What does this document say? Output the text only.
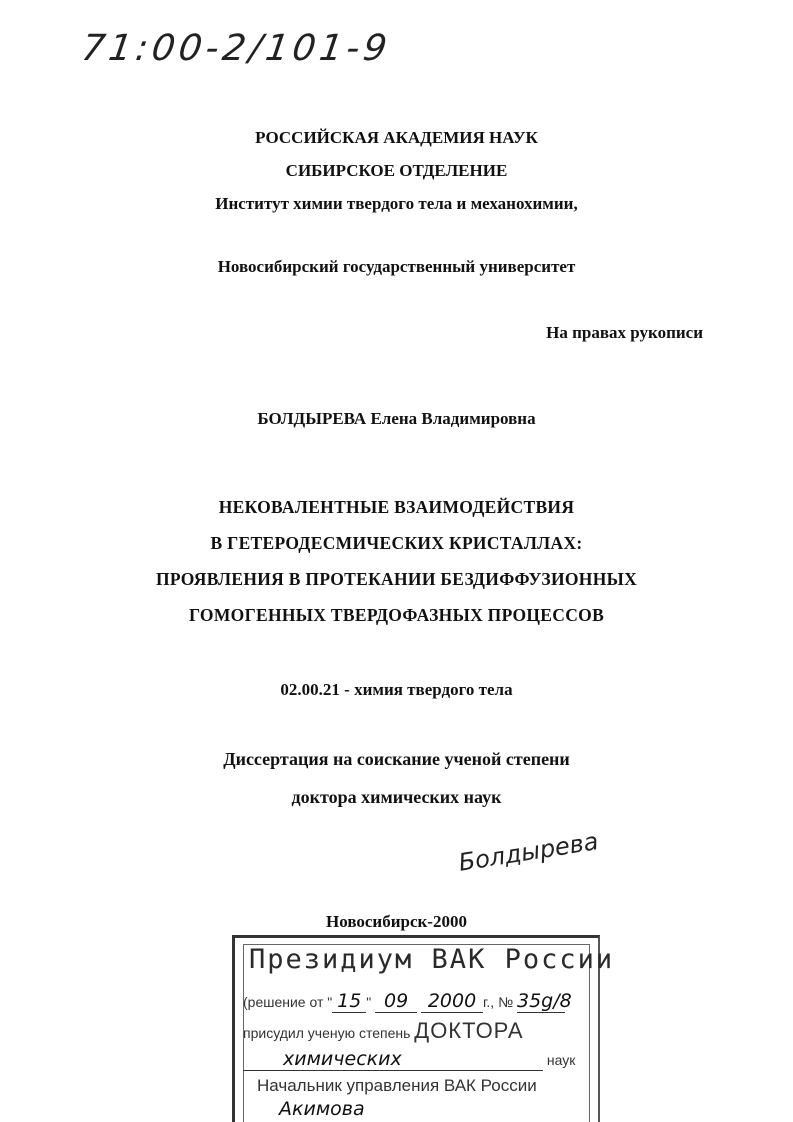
71:00-2/101-9
РОССИЙСКАЯ АКАДЕМИЯ НАУК
СИБИРСКОЕ ОТДЕЛЕНИЕ
Институт химии твердого тела и механохимии,
Новосибирский государственный университет
На правах рукописи
БОЛДЫРЕВА Елена Владимировна
НЕКОВАЛЕНТНЫЕ ВЗАИМОДЕЙСТВИЯ
В ГЕТЕРОДЕСМИЧЕСКИХ КРИСТАЛЛАХ:
ПРОЯВЛЕНИЯ В ПРОТЕКАНИИ БЕЗДИФФУЗИОННЫХ
ГОМОГЕННЫХ ТВЕРДОФАЗНЫХ ПРОЦЕССОВ
02.00.21 - химия твердого тела
Диссертация на соискание ученой степени
доктора химических наук
Болдырева
Новосибирск-2000
Президиум ВАК России
(решение от " 15 " 09 2000 г., № 35g/8
присудил ученую степень ДОКТОРА
химических	наук
Начальник управления ВАК России
Акимова
